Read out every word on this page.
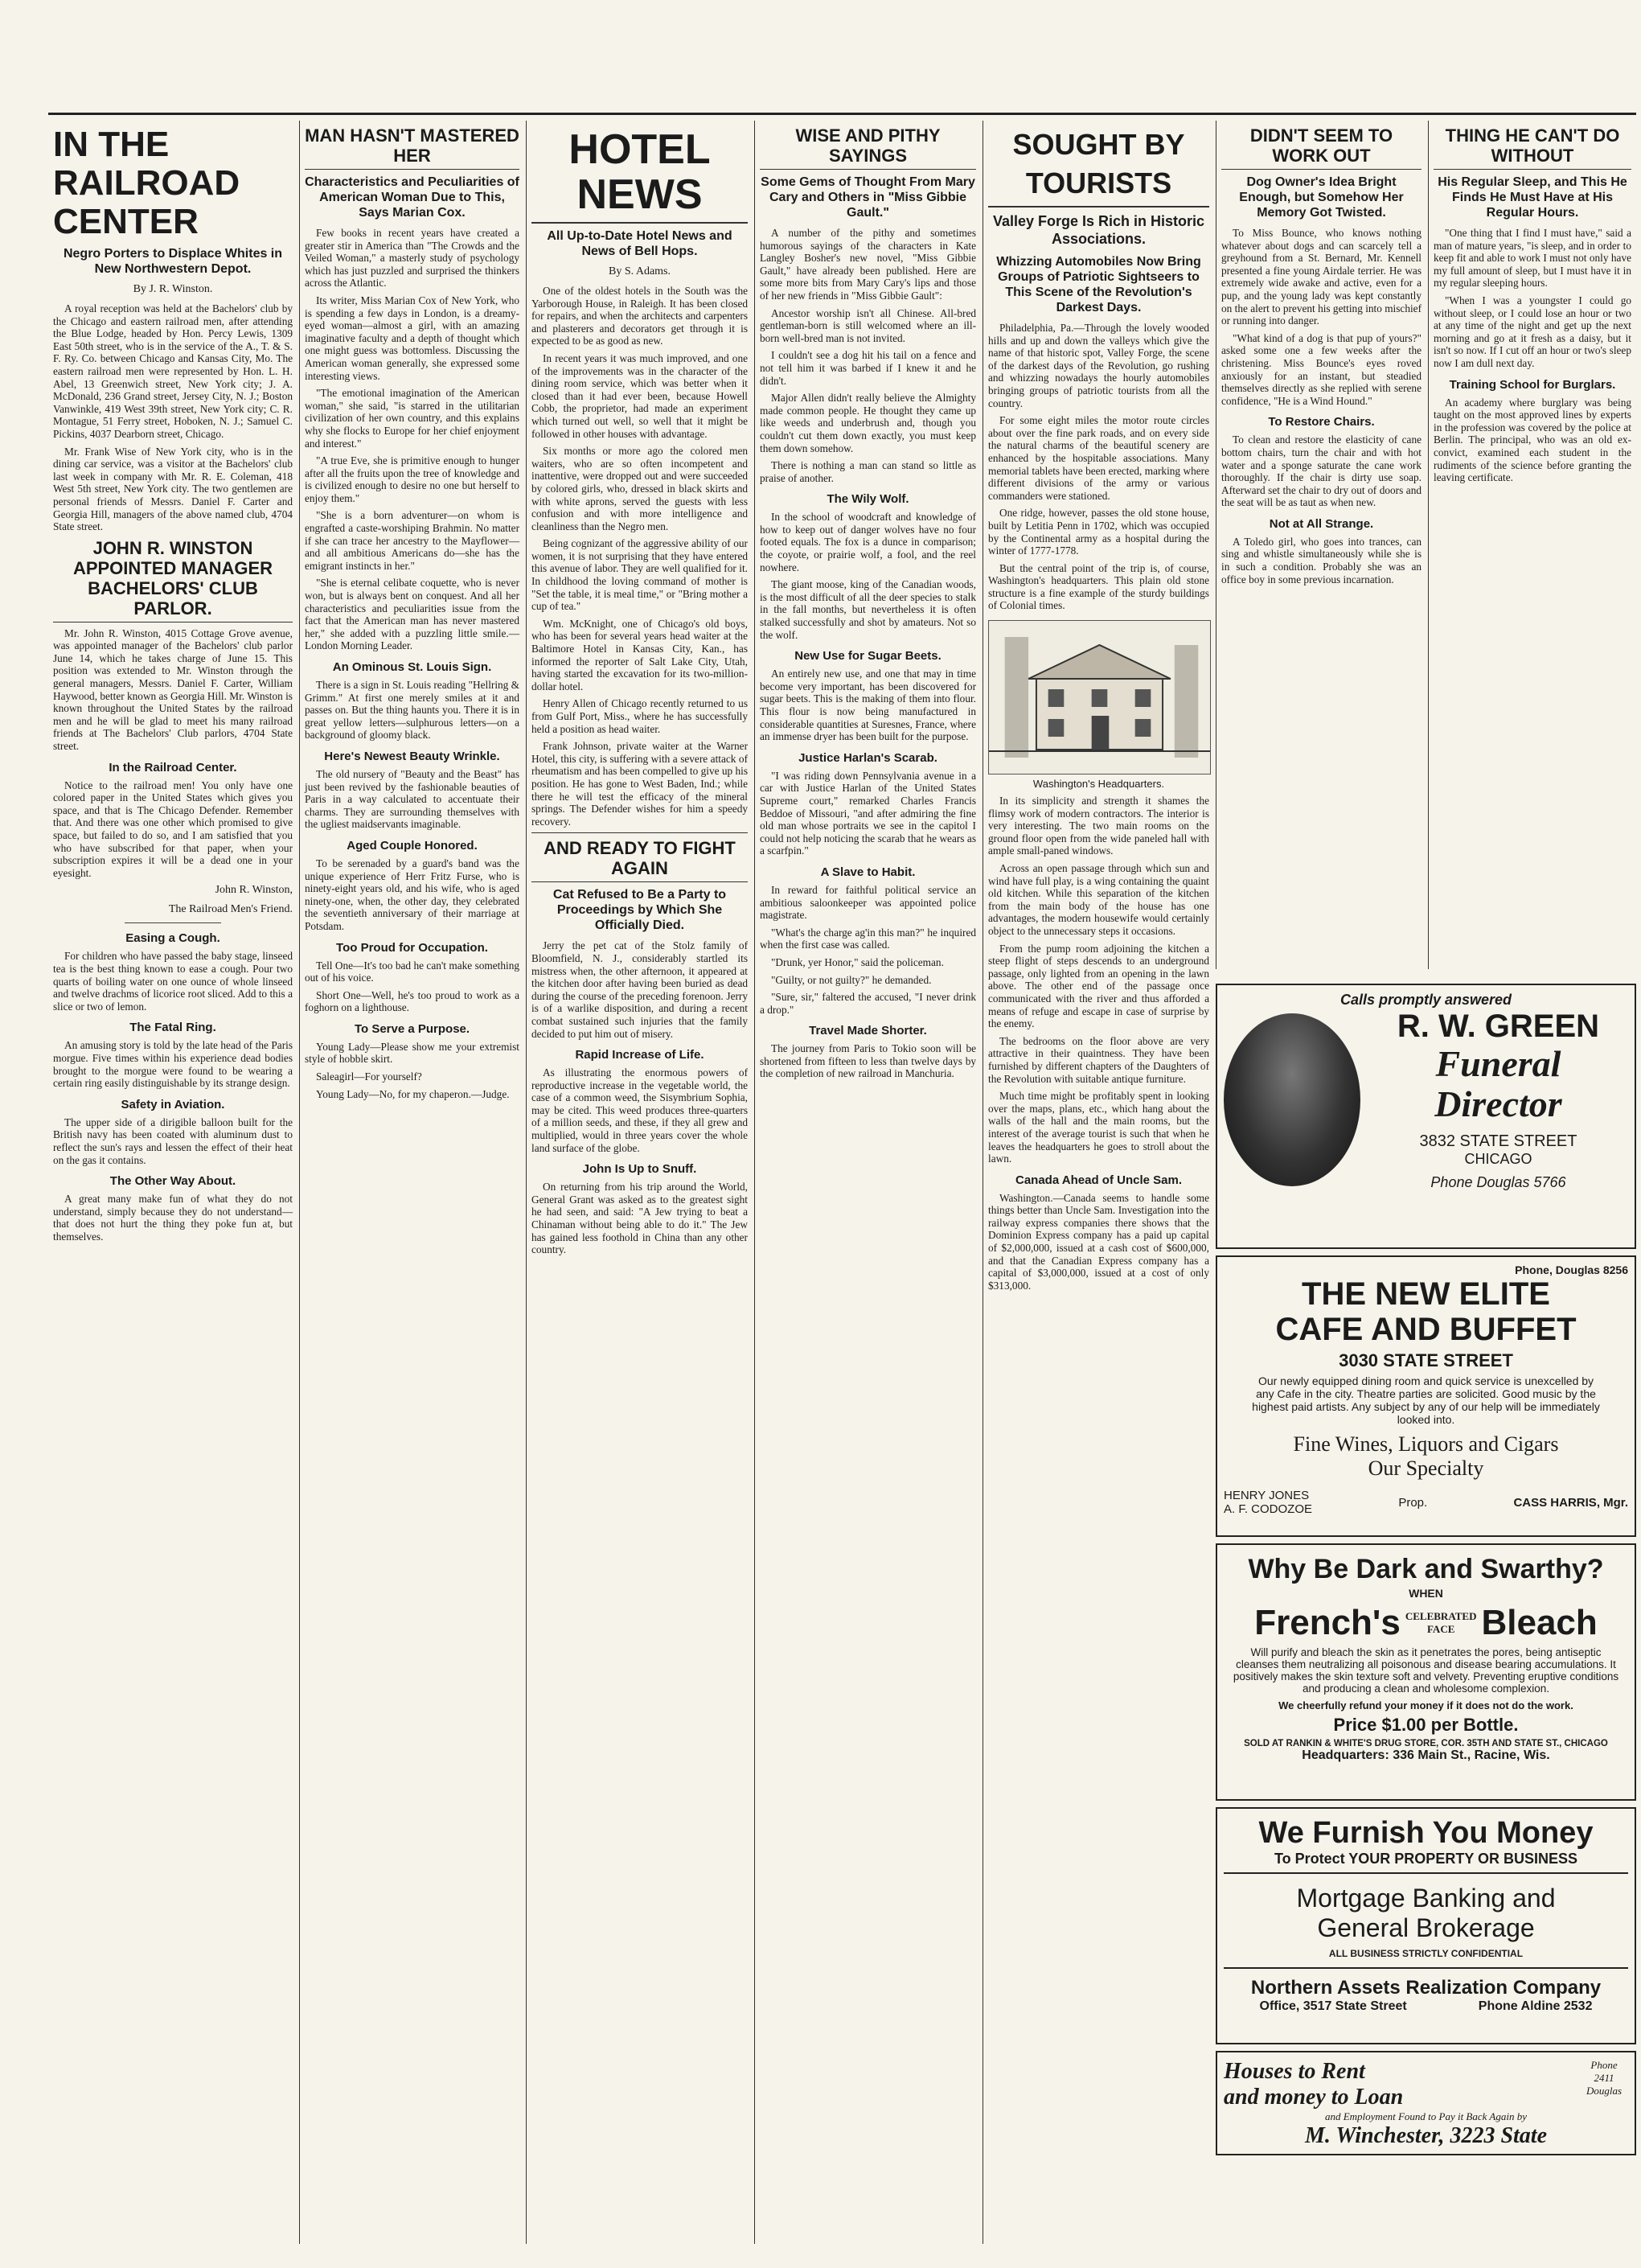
IN THE RAILROAD CENTER
Negro Porters to Displace Whites in New Northwestern Depot.
By J. R. Winston.

A royal reception was held at the Bachelors' club by the Chicago and eastern railroad men, after attending the Blue Lodge, headed by Hon. Percy Lewis, 1309 East 50th street, who is in the service of the A., T. & S. F. Ry. Co. between Chicago and Kansas City, Mo. The eastern railroad men were represented by Hon. L. H. Abel, 13 Greenwich street, New York city; J. A. McDonald, 236 Grand street, Jersey City, N. J.; Boston Vanwinkle, 419 West 39th street, New York city; C. R. Montague, 51 Ferry street, Hoboken, N. J.; Samuel C. Pickins, 4037 Dearborn street, Chicago.

Mr. Frank Wise of New York city, who is in the dining car service, was a visitor at the Bachelors' club last week in company with Mr. R. E. Coleman, 418 West 5th street, New York city. The two gentlemen are personal friends of Messrs. Daniel F. Carter and Georgia Hill, managers of the above named club, 4704 State street.

JOHN R. WINSTON APPOINTED MANAGER BACHELORS' CLUB PARLOR.

Mr. John R. Winston, 4015 Cottage Grove avenue, was appointed manager of the Bachelors' club parlor June 14, which he takes charge of June 15. This position was extended to Mr. Winston through the general managers, Messrs. Daniel F. Carter, William Haywood, better known as Georgia Hill. Mr. Winston is known throughout the United States by the railroad men and he will be glad to meet his many railroad friends at The Bachelors' Club parlors, 4704 State street.

In the Railroad Center.

Notice to the railroad men! You only have one colored paper in the United States which gives you space, and that is The Chicago Defender. Remember that. And there was one other which promised to give space, but failed to do so, and I am satisfied that you who have subscribed for that paper, when your subscription expires it will be a dead one in your eyesight.

John R. Winston,
The Railroad Men's Friend.
Easing a Cough.

For children who have passed the baby stage, linseed tea is the best thing known to ease a cough. Pour two quarts of boiling water on one ounce of whole linseed and twelve drachms of licorice root sliced. Add to this a slice or two of lemon.

The Fatal Ring.

An amusing story is told by the late head of the Paris morgue. Five times within his experience dead bodies brought to the morgue were found to be wearing a certain ring easily distinguishable by its strange design.

Safety in Aviation.

The upper side of a dirigible balloon built for the British navy has been coated with aluminum dust to reflect the sun's rays and lessen the effect of their heat on the gas it contains.

The Other Way About.

A great many make fun of what they do not understand, simply because they do not understand—that does not hurt the thing they poke fun at, but themselves.

MAN HASN'T MASTERED HER
Characteristics and Peculiarities of American Woman Due to This, Says Marian Cox.

Few books in recent years have created a greater stir in America than "The Crowds and the Veiled Woman," a masterly study of psychology which has just puzzled and surprised the thinkers across the Atlantic.

Its writer, Miss Marian Cox of New York, who is spending a few days in London, is a dreamy-eyed woman—almost a girl, with an amazing imaginative faculty and a depth of thought which one might guess was bottomless. Discussing the American woman generally, she expressed some interesting views.

"The emotional imagination of the American woman," she said, "is starred in the utilitarian civilization of her own country, and this explains why she flocks to Europe for her chief enjoyment and interest."

"A true Eve, she is primitive enough to hunger after all the fruits upon the tree of knowledge and is civilized enough to desire no one but herself to enjoy them."

"She is a born adventurer—on whom is engrafted a caste-worshiping Brahmin. No matter if she can trace her ancestry to the Mayflower—and all ambitious Americans do—she has the emigrant instincts in her."

"She is eternal celibate coquette, who is never won, but is always bent on conquest. And all her characteristics and peculiarities issue from the fact that the American man has never mastered her," she added with a puzzling little smile.—London Morning Leader.

An Ominous St. Louis Sign.

There is a sign in St. Louis reading "Hellring & Grimm." At first one merely smiles at it and passes on. But the thing haunts you. There it is in great yellow letters—sulphurous letters—on a background of gloomy black.

Here's Newest Beauty Wrinkle.

The old nursery of "Beauty and the Beast" has just been revived by the fashionable beauties of Paris in a way calculated to accentuate their charms. They are surrounding themselves with the ugliest maidservants imaginable.

Aged Couple Honored.

To be serenaded by a guard's band was the unique experience of Herr Fritz Furse, who is ninety-eight years old, and his wife, who is aged ninety-one, when, the other day, they celebrated the seventieth anniversary of their marriage at Potsdam.

Too Proud for Occupation.

Tell One—It's too bad he can't make something out of his voice.

Short One—Well, he's too proud to work as a foghorn on a lighthouse.

To Serve a Purpose.

Young Lady—Please show me your extremist style of hobble skirt.

Saleagirl—For yourself?

Young Lady—No, for my chaperon.—Judge.

HOTEL NEWS
All Up-to-Date Hotel News and News of Bell Hops.
By S. Adams.

One of the oldest hotels in the South was the Yarborough House, in Raleigh. It has been closed for repairs, and when the architects and carpenters and plasterers and decorators get through it is expected to be as good as new.

In recent years it was much improved, and one of the improvements was in the character of the dining room service, which was better when it closed than it had ever been, because Howell Cobb, the proprietor, had made an experiment which turned out well, so well that it might be followed in other houses with advantage.

Six months or more ago the colored men waiters, who are so often incompetent and inattentive, were dropped out and were succeeded by colored girls, who, dressed in black skirts and with white aprons, served the guests with less confusion and with more intelligence and cleanliness than the Negro men.

Being cognizant of the aggressive ability of our women, it is not surprising that they have entered this avenue of labor. They are well qualified for it. In childhood the loving command of mother is "Set the table, it is meal time," or "Bring mother a cup of tea."

Wm. McKnight, one of Chicago's old boys, who has been for several years head waiter at the Baltimore Hotel in Kansas City, Kan., has informed the reporter of Salt Lake City, Utah, having started the excavation for its two-million-dollar hotel.

Henry Allen of Chicago recently returned to us from Gulf Port, Miss., where he has successfully held a position as head waiter.

Frank Johnson, private waiter at the Warner Hotel, this city, is suffering with a severe attack of rheumatism and has been compelled to give up his position. He has gone to West Baden, Ind.; while there he will test the efficacy of the mineral springs. The Defender wishes for him a speedy recovery.

AND READY TO FIGHT AGAIN
Cat Refused to Be a Party to Proceedings by Which She Officially Died.

Jerry the pet cat of the Stolz family of Bloomfield, N. J., considerably startled its mistress when, the other afternoon, it appeared at the kitchen door after having been buried as dead during the course of the preceding forenoon. Jerry is of a warlike disposition, and during a recent combat sustained such injuries that the family decided to put him out of misery.

Rapid Increase of Life.

As illustrating the enormous powers of reproductive increase in the vegetable world, the case of a common weed, the Sisymbrium Sophia, may be cited. This weed produces three-quarters of a million seeds, and these, if they all grew and multiplied, would in three years cover the whole land surface of the globe.

John Is Up to Snuff.

On returning from his trip around the World, General Grant was asked as to the greatest sight he had seen, and said: "A Jew trying to beat a Chinaman without being able to do it." The Jew has gained less foothold in China than any other country.

WISE AND PITHY SAYINGS
Some Gems of Thought From Mary Cary and Others in "Miss Gibbie Gault."

A number of the pithy and sometimes humorous sayings of the characters in Kate Langley Bosher's new novel, "Miss Gibbie Gault," have already been published. Here are some more bits from Mary Cary's lips and those of her new friends in "Miss Gibbie Gault":

Ancestor worship isn't all Chinese. All-bred gentleman-born is still welcomed where an ill-born well-bred man is not invited.

I couldn't see a dog hit his tail on a fence and not tell him it was barbed if I knew it and he didn't.

Major Allen didn't really believe the Almighty made common people. He thought they came up like weeds and underbrush and, though you couldn't cut them down exactly, you must keep them down somehow.

There is nothing a man can stand so little as praise of another.

The Wily Wolf.

In the school of woodcraft and knowledge of how to keep out of danger wolves have no four footed equals. The fox is a dunce in comparison; the coyote, or prairie wolf, a fool, and the reel nowhere.

The giant moose, king of the Canadian woods, is the most difficult of all the deer species to stalk in the fall months, but nevertheless it is often stalked successfully and shot by amateurs. Not so the wolf.

New Use for Sugar Beets.

An entirely new use, and one that may in time become very important, has been discovered for sugar beets. This is the making of them into flour. This flour is now being manufactured in considerable quantities at Suresnes, France, where an immense dryer has been built for the purpose.

Justice Harlan's Scarab.

"I was riding down Pennsylvania avenue in a car with Justice Harlan of the United States Supreme court," remarked Charles Francis Beddoe of Missouri, "and after admiring the fine old man whose portraits we see in the capitol I could not help noticing the scarab that he wears as a scarfpin."

A Slave to Habit.

In reward for faithful political service an ambitious saloonkeeper was appointed police magistrate.

"What's the charge ag'in this man?" he inquired when the first case was called.

"Drunk, yer Honor," said the policeman.

"Guilty, or not guilty?" he demanded.

"Sure, sir," faltered the accused, "I never drink a drop."

Travel Made Shorter.

The journey from Paris to Tokio soon will be shortened from fifteen to less than twelve days by the completion of new railroad in Manchuria.

SOUGHT BY TOURISTS
Valley Forge Is Rich in Historic Associations.
Whizzing Automobiles Now Bring Groups of Patriotic Sightseers to This Scene of the Revolution's Darkest Days.

Philadelphia, Pa.—Through the lovely wooded hills and up and down the valleys which give the name of that historic spot, Valley Forge, the scene of the darkest days of the Revolution, go rushing and whizzing nowadays the hourly automobiles bringing groups of patriotic tourists from all the country.

For some eight miles the motor route circles about over the fine park roads, and on every side the natural charms of the beautiful scenery are enhanced by the hospitable associations. Many memorial tablets have been erected, marking where different divisions of the army or various commanders were stationed.

One ridge, however, passes the old stone house, built by Letitia Penn in 1702, which was occupied by the Continental army as a hospital during the winter of 1777-1778.

But the central point of the trip is, of course, Washington's headquarters. This plain old stone structure is a fine example of the sturdy buildings of Colonial times.

Washington's Headquarters.

In its simplicity and strength it shames the flimsy work of modern contractors. The interior is very interesting. The two main rooms on the ground floor open from the wide paneled hall with ample small-paned windows.

Across an open passage through which sun and wind have full play, is a wing containing the quaint old kitchen. While this separation of the kitchen from the main body of the house has one advantages, the modern housewife would certainly object to the unnecessary steps it occasions.

From the pump room adjoining the kitchen a steep flight of steps descends to an underground passage, only lighted from an opening in the lawn above. The other end of the passage once communicated with the river and thus afforded a means of refuge and escape in case of surprise by the enemy.

The bedrooms on the floor above are very attractive in their quaintness. They have been furnished by different chapters of the Daughters of the Revolution with suitable antique furniture.

Much time might be profitably spent in looking over the maps, plans, etc., which hang about the walls of the hall and the main rooms, but the interest of the average tourist is such that when he leaves the headquarters he goes to stroll about the lawn.

Canada Ahead of Uncle Sam.

Washington.—Canada seems to handle some things better than Uncle Sam. Investigation into the railway express companies there shows that the Dominion Express company has a paid up capital of $2,000,000, issued at a cash cost of $600,000, and that the Canadian Express company has a capital of $3,000,000, issued at a cost of only $313,000.

DIDN'T SEEM TO WORK OUT
Dog Owner's Idea Bright Enough, but Somehow Her Memory Got Twisted.

To Miss Bounce, who knows nothing whatever about dogs and can scarcely tell a greyhound from a St. Bernard, Mr. Kennell presented a fine young Airdale terrier. He was extremely wide awake and active, even for a pup, and the young lady was kept constantly on the alert to prevent his getting into mischief or running into danger.

"What kind of a dog is that pup of yours?" asked some one a few weeks after the christening. Miss Bounce's eyes roved anxiously for an instant, but steadied themselves directly as she replied with serene confidence, "He is a Wind Hound."

To Restore Chairs.

To clean and restore the elasticity of cane bottom chairs, turn the chair and with hot water and a sponge saturate the cane work thoroughly. If the chair is dirty use soap. Afterward set the chair to dry out of doors and the seat will be as taut as when new.

Not at All Strange.

A Toledo girl, who goes into trances, can sing and whistle simultaneously while she is in such a condition. Probably she was an office boy in some previous incarnation.

THING HE CAN'T DO WITHOUT
His Regular Sleep, and This He Finds He Must Have at His Regular Hours.

"One thing that I find I must have," said a man of mature years, "is sleep, and in order to keep fit and able to work I must not only have my full amount of sleep, but I must have it in my regular sleeping hours.

"When I was a youngster I could go without sleep, or I could lose an hour or two at any time of the night and get up the next morning and go at it fresh as a daisy, but it isn't so now. If I cut off an hour or two's sleep now I am dull next day.

Training School for Burglars.

An academy where burglary was being taught on the most approved lines by experts in the profession was covered by the police at Berlin. The principal, who was an old ex-convict, examined each student in the rudiments of the science before granting the leaving certificate.

Calls promptly answered
R. W. GREEN
Funeral
Director
3832 STATE STREET
CHICAGO
Phone Douglas 5766
Phone, Douglas 8256
THE NEW ELITE
CAFE AND BUFFET
3030 STATE STREET
Our newly equipped dining room and quick service is unexcelled by any Cafe in the city. Theatre parties are solicited. Good music by the highest paid artists. Any subject by any of our help will be immediately looked into.
Fine Wines, Liquors and Cigars
Our Specialty
HENRY JONES
A. F. CODOZOE	Prop.	CASS HARRIS, Mgr.
Why Be Dark and Swarthy?
WHEN
French's CELEBRATED
FACE Bleach
Will purify and bleach the skin as it penetrates the pores, being antiseptic cleanses them neutralizing all poisonous and disease bearing accumulations. It positively makes the skin texture soft and velvety. Preventing eruptive conditions and producing a clean and wholesome complexion.
We cheerfully refund your money if it does not do the work.
Price $1.00 per Bottle.
SOLD AT RANKIN & WHITE'S DRUG STORE, COR. 35TH AND STATE ST., CHICAGO
Headquarters: 336 Main St., Racine, Wis.
We Furnish You Money
To Protect YOUR PROPERTY OR BUSINESS
Mortgage Banking and
General Brokerage
ALL BUSINESS STRICTLY CONFIDENTIAL
Northern Assets Realization Company
Office, 3517 State Street	Phone Aldine 2532
Houses to Rent
and money to Loan
Phone 2411 Douglas
and Employment Found to Pay it Back Again by
M. Winchester, 3223 State
